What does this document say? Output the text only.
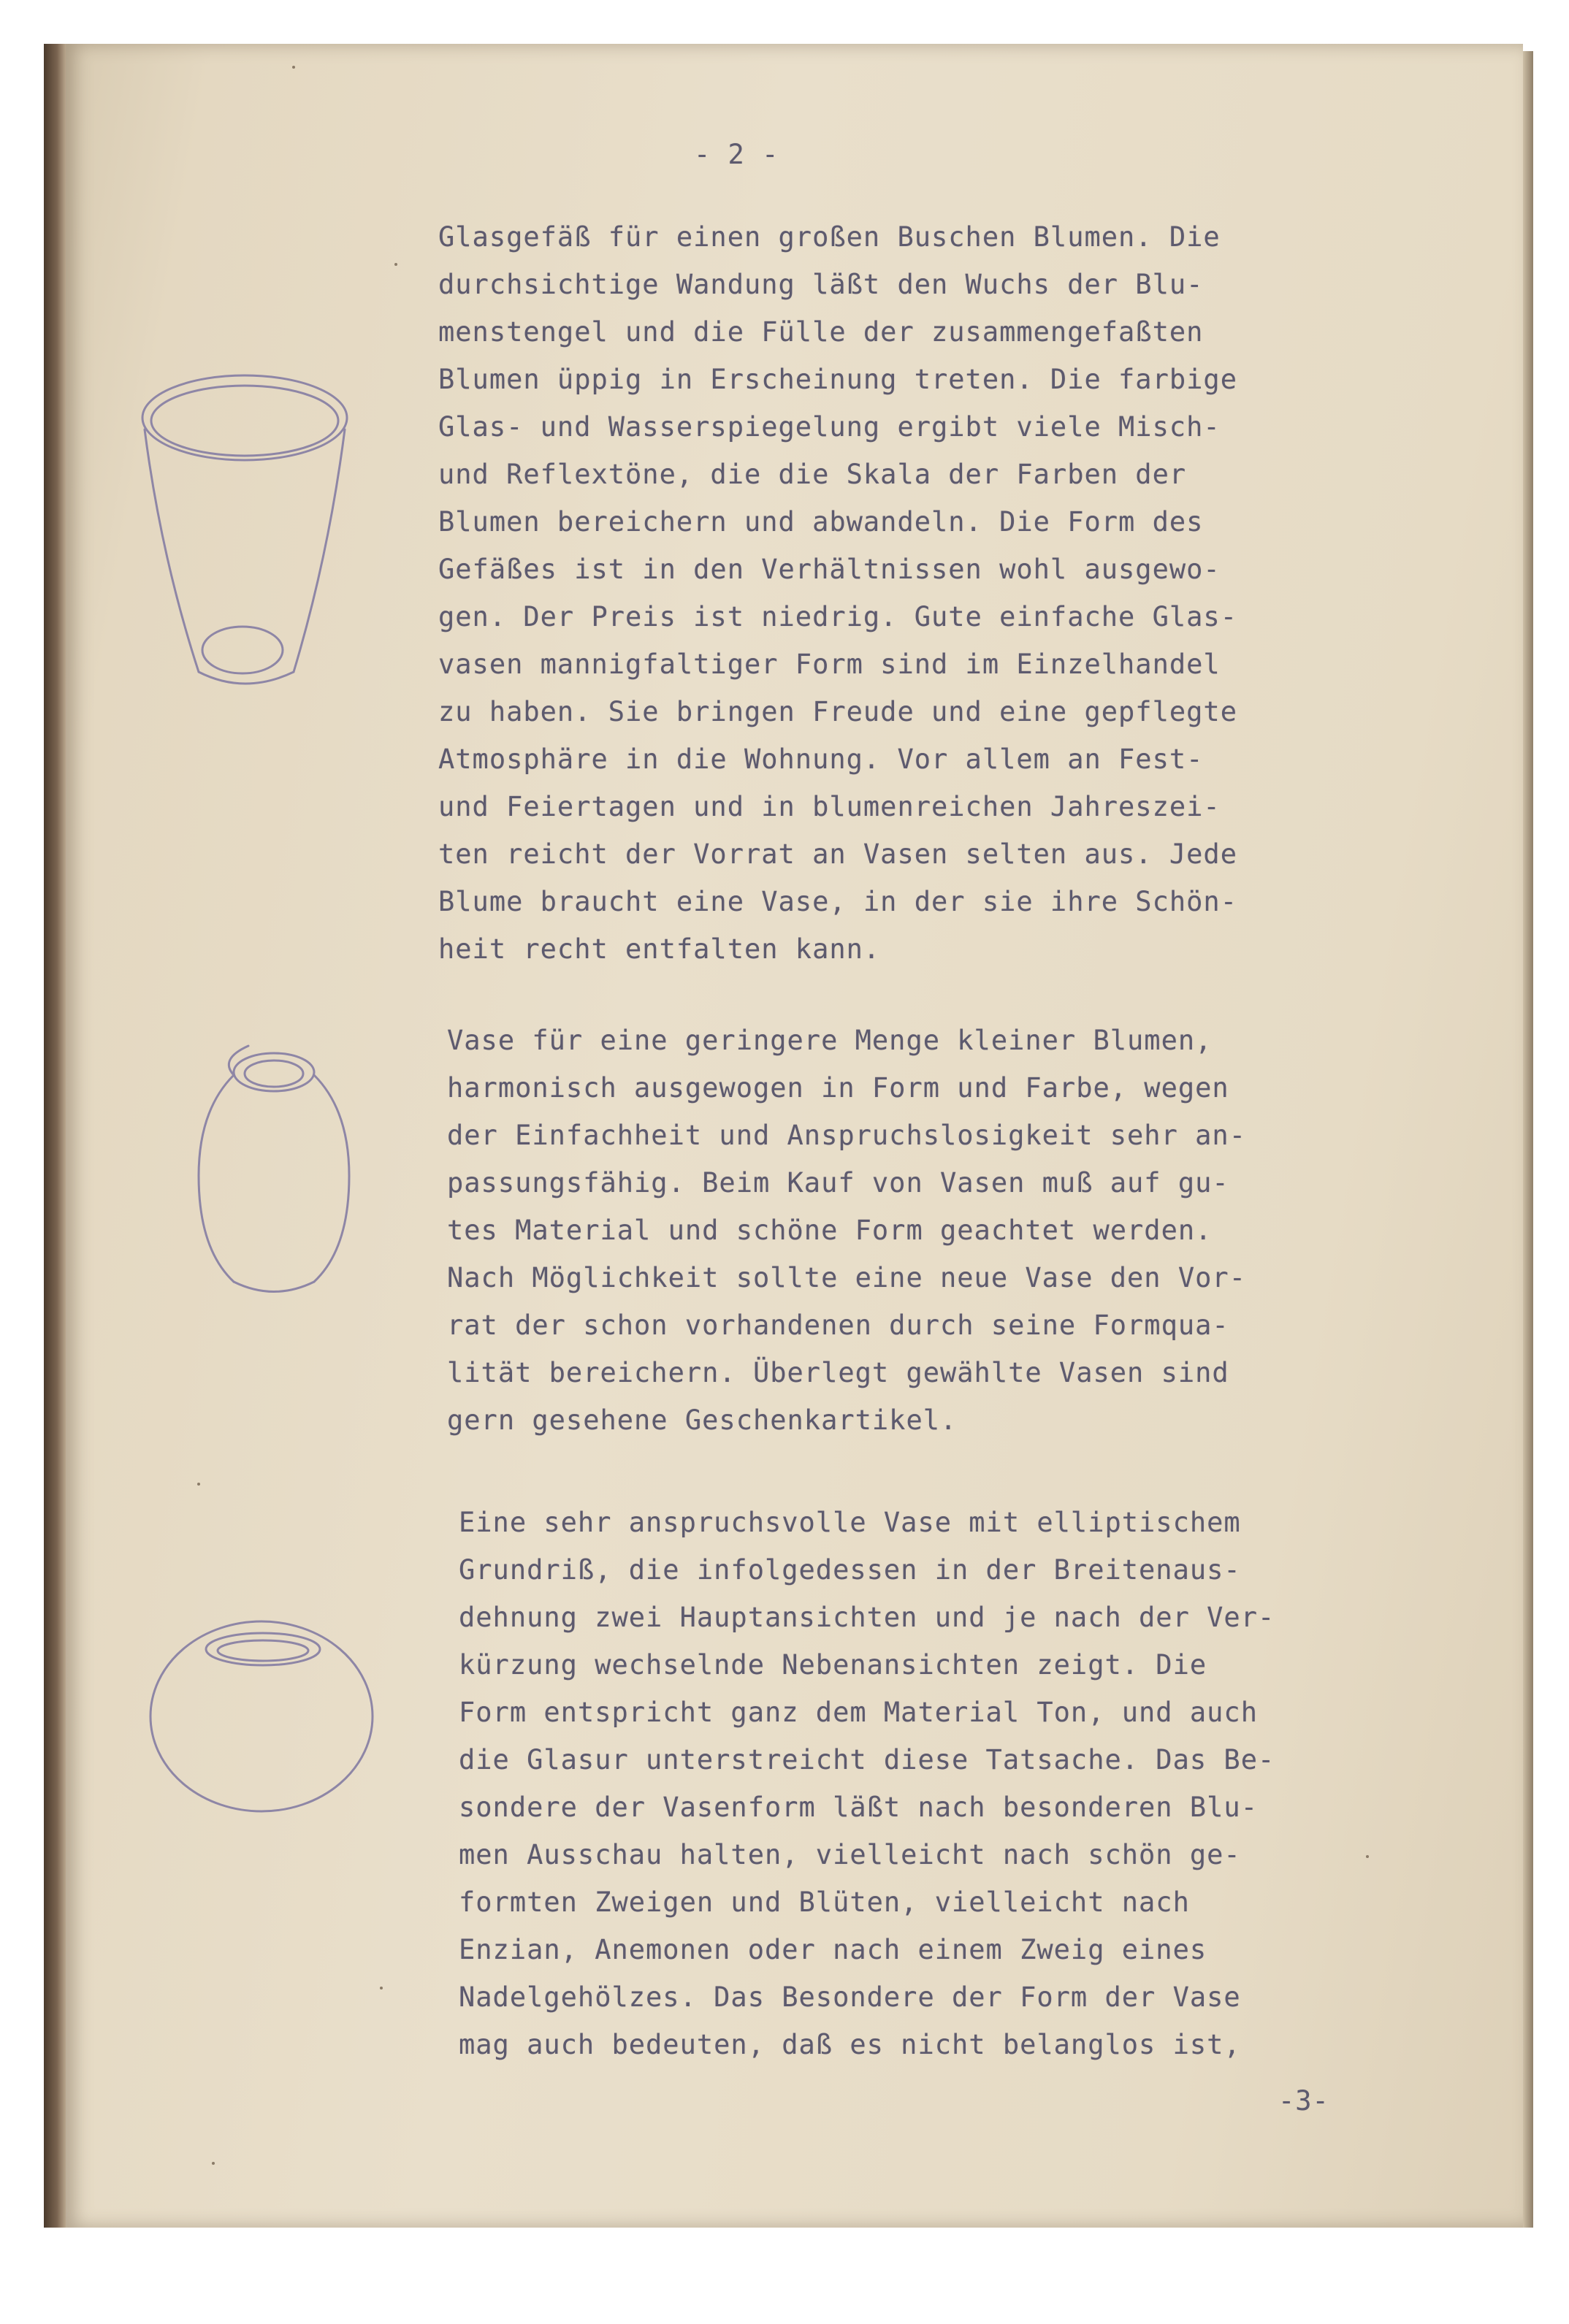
- 2 -
Glasgefäß für einen großen Buschen Blumen. Die
durchsichtige Wandung läßt den Wuchs der Blu-
menstengel und die Fülle der zusammengefaßten
Blumen üppig in Erscheinung treten. Die farbige
Glas- und Wasserspiegelung ergibt viele Misch-
und Reflextöne, die die Skala der Farben der
Blumen bereichern und abwandeln. Die Form des
Gefäßes ist in den Verhältnissen wohl ausgewo-
gen. Der Preis ist niedrig. Gute einfache Glas-
vasen mannigfaltiger Form sind im Einzelhandel
zu haben. Sie bringen Freude und eine gepflegte
Atmosphäre in die Wohnung. Vor allem an Fest-
und Feiertagen und in blumenreichen Jahreszei-
ten reicht der Vorrat an Vasen selten aus. Jede
Blume braucht eine Vase, in der sie ihre Schön-
heit recht entfalten kann.
Vase für eine geringere Menge kleiner Blumen,
harmonisch ausgewogen in Form und Farbe, wegen
der Einfachheit und Anspruchslosigkeit sehr an-
passungsfähig. Beim Kauf von Vasen muß auf gu-
tes Material und schöne Form geachtet werden.
Nach Möglichkeit sollte eine neue Vase den Vor-
rat der schon vorhandenen durch seine Formqua-
lität bereichern. Überlegt gewählte Vasen sind
gern gesehene Geschenkartikel.
Eine sehr anspruchsvolle Vase mit elliptischem
Grundriß, die infolgedessen in der Breitenaus-
dehnung zwei Hauptansichten und je nach der Ver-
kürzung wechselnde Nebenansichten zeigt. Die
Form entspricht ganz dem Material Ton, und auch
die Glasur unterstreicht diese Tatsache. Das Be-
sondere der Vasenform läßt nach besonderen Blu-
men Ausschau halten, vielleicht nach schön ge-
formten Zweigen und Blüten, vielleicht nach
Enzian, Anemonen oder nach einem Zweig eines
Nadelgehölzes. Das Besondere der Form der Vase
mag auch bedeuten, daß es nicht belanglos ist,
-3-
